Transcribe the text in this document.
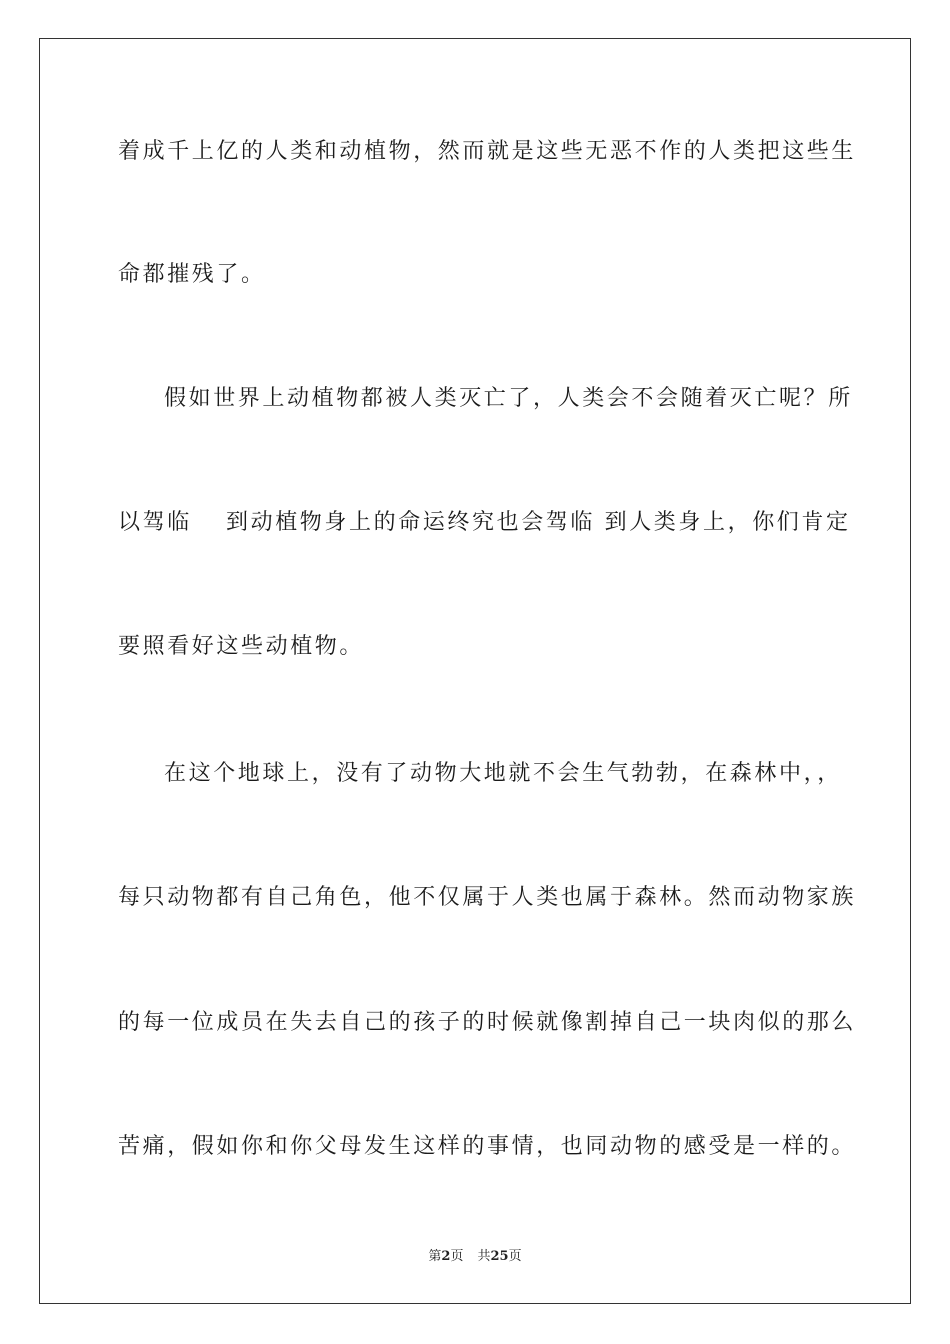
着成千上亿的人类和动植物，然而就是这些无恶不作的人类把这些生
命都摧残了。
假如世界上动植物都被人类灭亡了，人类会不会随着灭亡呢？所
以驾临　 到动植物身上的命运终究也会驾临 到人类身上，你们肯定
要照看好这些动植物。
在这个地球上，没有了动物大地就不会生气勃勃，在森林中，，
每只动物都有自己角色，他不仅属于人类也属于森林。然而动物家族
的每一位成员在失去自己的孩子的时候就像割掉自己一块肉似的那么
苦痛，假如你和你父母发生这样的事情，也同动物的感受是一样的。
第2页 共25页
